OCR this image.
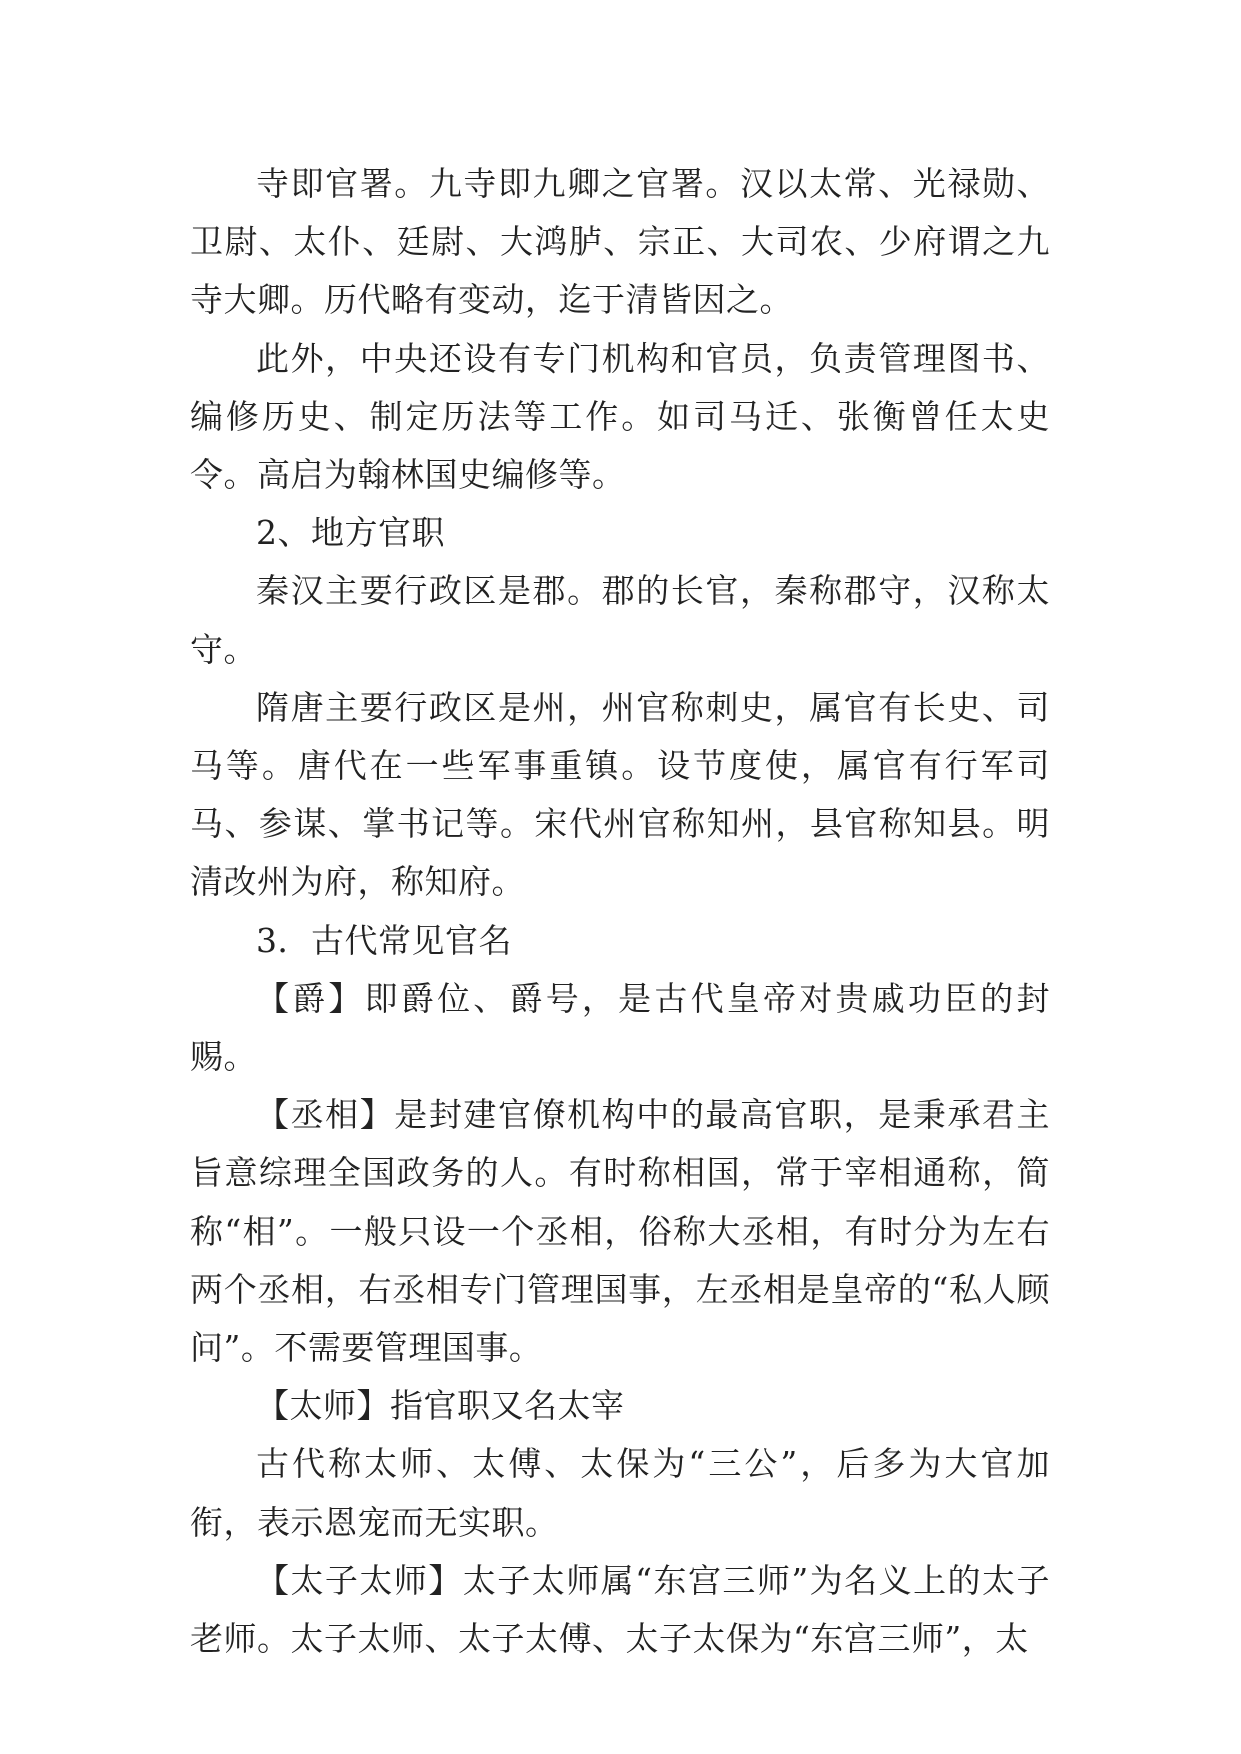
寺即官署。九寺即九卿之官署。汉以太常、光禄勋、卫尉、太仆、廷尉、大鸿胪、宗正、大司农、少府谓之九寺大卿。历代略有变动，迄于清皆因之。

此外，中央还设有专门机构和官员，负责管理图书、编修历史、制定历法等工作。如司马迁、张衡曾任太史令。高启为翰林国史编修等。

2、地方官职

秦汉主要行政区是郡。郡的长官，秦称郡守，汉称太守。

隋唐主要行政区是州，州官称刺史，属官有长史、司马等。唐代在一些军事重镇。设节度使，属官有行军司马、参谋、掌书记等。宋代州官称知州，县官称知县。明清改州为府，称知府。

3．古代常见官名

【爵】即爵位、爵号，是古代皇帝对贵戚功臣的封赐。

【丞相】是封建官僚机构中的最高官职，是秉承君主旨意综理全国政务的人。有时称相国，常于宰相通称，简称“相”。一般只设一个丞相，俗称大丞相，有时分为左右两个丞相，右丞相专门管理国事，左丞相是皇帝的“私人顾问”。不需要管理国事。

【太师】指官职又名太宰

古代称太师、太傅、太保为“三公”，后多为大官加衔，表示恩宠而无实职。

【太子太师】太子太师属“东宫三师”为名义上的太子老师。太子太师、太子太傅、太子太保为“东宫三师”，太
